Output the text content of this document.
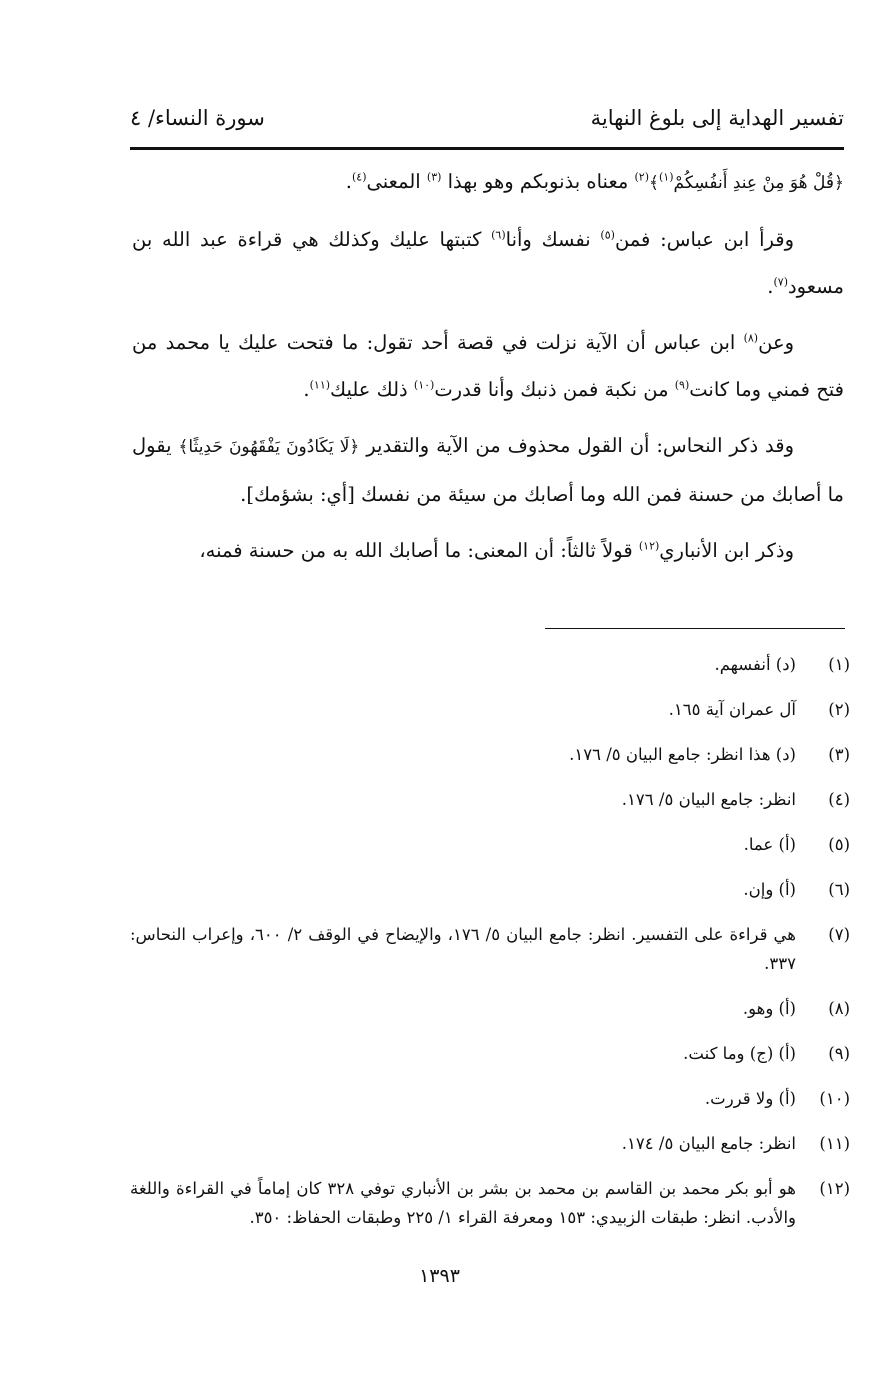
تفسير الهداية إلى بلوغ النهاية
سورة النساء/ ٤

﴿قُلْ هُوَ مِنْ عِندِ أَنفُسِكُمْ$^{(١)}$﴾$^{(٢)}$ معناه بذنوبكم وهو بهذا $^{(٣)}$ المعنى$^{(٤)}$.

وقرأ ابن عباس: فمن$^{(٥)}$ نفسك وأنا$^{(٦)}$ كتبتها عليك وكذلك هي قراءة عبد الله بن مسعود$^{(٧)}$.

وعن$^{(٨)}$ ابن عباس أن الآية نزلت في قصة أحد تقول: ما فتحت عليك يا محمد من فتح فمني وما كانت$^{(٩)}$ من نكبة فمن ذنبك وأنا قدرت$^{(١٠)}$ ذلك عليك$^{(١١)}$.

وقد ذكر النحاس: أن القول محذوف من الآية والتقدير ﴿لَا يَكَادُونَ يَفْقَهُونَ حَدِيثًا﴾ يقول ما أصابك من حسنة فمن الله وما أصابك من سيئة من نفسك [أي: بشؤمك].

وذكر ابن الأنباري$^{(١٢)}$ قولاً ثالثاً: أن المعنى: ما أصابك الله به من حسنة فمنه،

(١)
(د) أنفسهم.
(٢)
آل عمران آية ١٦٥.
(٣)
(د) هذا انظر: جامع البيان ٥/ ١٧٦.
(٤)
انظر: جامع البيان ٥/ ١٧٦.
(٥)
(أ) عما.
(٦)
(أ) وإن.
(٧)
هي قراءة على التفسير. انظر: جامع البيان ٥/ ١٧٦، والإيضاح في الوقف ٢/ ٦٠٠، وإعراب النحاس: ٣٣٧.
(٨)
(أ) وهو.
(٩)
(أ) (ج) وما كنت.
(١٠)
(أ) ولا قررت.
(١١)
انظر: جامع البيان ٥/ ١٧٤.
(١٢)
هو أبو بكر محمد بن القاسم بن محمد بن بشر بن الأنباري توفي ٣٢٨ كان إماماً في القراءة واللغة والأدب. انظر: طبقات الزبيدي: ١٥٣ ومعرفة القراء ١/ ٢٢٥ وطبقات الحفاظ: ٣٥٠.
١٣٩٣
